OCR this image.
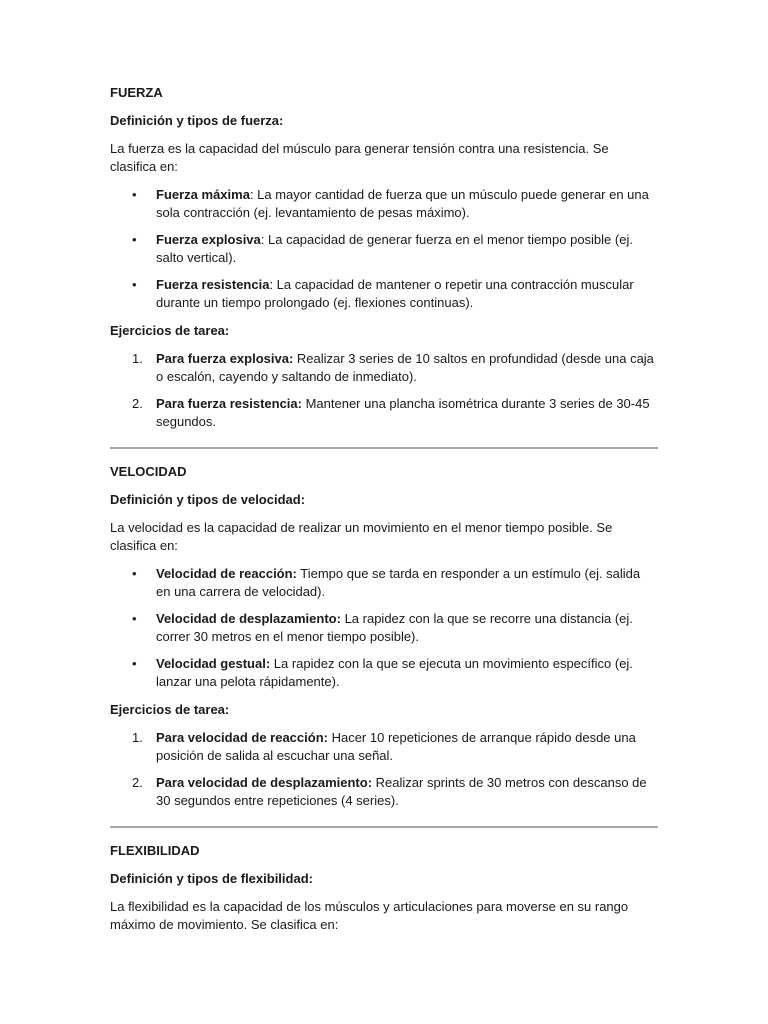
FUERZA
Definición y tipos de fuerza:

La fuerza es la capacidad del músculo para generar tensión contra una resistencia. Se clasifica en:

• Fuerza máxima: La mayor cantidad de fuerza que un músculo puede generar en una sola contracción (ej. levantamiento de pesas máximo).
• Fuerza explosiva: La capacidad de generar fuerza en el menor tiempo posible (ej. salto vertical).
• Fuerza resistencia: La capacidad de mantener o repetir una contracción muscular durante un tiempo prolongado (ej. flexiones continuas).
Ejercicios de tarea:
1. Para fuerza explosiva: Realizar 3 series de 10 saltos en profundidad (desde una caja o escalón, cayendo y saltando de inmediato).
2. Para fuerza resistencia: Mantener una plancha isométrica durante 3 series de 30-45 segundos.
VELOCIDAD
Definición y tipos de velocidad:

La velocidad es la capacidad de realizar un movimiento en el menor tiempo posible. Se clasifica en:

• Velocidad de reacción: Tiempo que se tarda en responder a un estímulo (ej. salida en una carrera de velocidad).
• Velocidad de desplazamiento: La rapidez con la que se recorre una distancia (ej. correr 30 metros en el menor tiempo posible).
• Velocidad gestual: La rapidez con la que se ejecuta un movimiento específico (ej. lanzar una pelota rápidamente).
Ejercicios de tarea:
1. Para velocidad de reacción: Hacer 10 repeticiones de arranque rápido desde una posición de salida al escuchar una señal.
2. Para velocidad de desplazamiento: Realizar sprints de 30 metros con descanso de 30 segundos entre repeticiones (4 series).
FLEXIBILIDAD
Definición y tipos de flexibilidad:

La flexibilidad es la capacidad de los músculos y articulaciones para moverse en su rango máximo de movimiento. Se clasifica en:
